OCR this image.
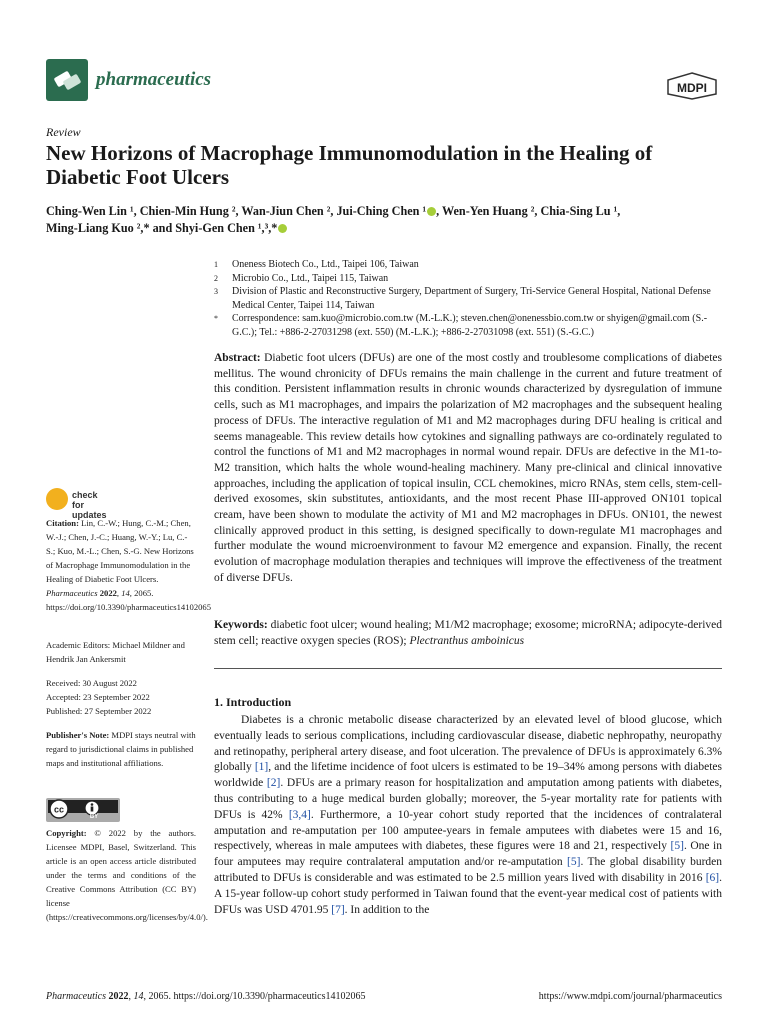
pharmaceutics	MDPI
Review
New Horizons of Macrophage Immunomodulation in the Healing of Diabetic Foot Ulcers
Ching-Wen Lin ¹, Chien-Min Hung ², Wan-Jiun Chen ², Jui-Ching Chen ¹ , Wen-Yen Huang ², Chia-Sing Lu ¹,
Ming-Liang Kuo ²,* and Shyi-Gen Chen ¹,³,*
1	Oneness Biotech Co., Ltd., Taipei 106, Taiwan
2	Microbio Co., Ltd., Taipei 115, Taiwan
3	Division of Plastic and Reconstructive Surgery, Department of Surgery, Tri-Service General Hospital, National Defense Medical Center, Taipei 114, Taiwan
*	Correspondence: sam.kuo@microbio.com.tw (M.-L.K.); steven.chen@onenessbio.com.tw or shyigen@gmail.com (S.-G.C.); Tel.: +886-2-27031298 (ext. 550) (M.-L.K.); +886-2-27031098 (ext. 551) (S.-G.C.)
Abstract: Diabetic foot ulcers (DFUs) are one of the most costly and troublesome complications of diabetes mellitus. The wound chronicity of DFUs remains the main challenge in the current and future treatment of this condition. Persistent inflammation results in chronic wounds characterized by dysregulation of immune cells, such as M1 macrophages, and impairs the polarization of M2 macrophages and the subsequent healing process of DFUs. The interactive regulation of M1 and M2 macrophages during DFU healing is critical and seems manageable. This review details how cytokines and signalling pathways are co-ordinately regulated to control the functions of M1 and M2 macrophages in normal wound repair. DFUs are defective in the M1-to-M2 transition, which halts the whole wound-healing machinery. Many pre-clinical and clinical innovative approaches, including the application of topical insulin, CCL chemokines, micro RNAs, stem cells, stem-cell-derived exosomes, skin substitutes, antioxidants, and the most recent Phase III-approved ON101 topical cream, have been shown to modulate the activity of M1 and M2 macrophages in DFUs. ON101, the newest clinically approved product in this setting, is designed specifically to down-regulate M1 macrophages and further modulate the wound microenvironment to favour M2 emergence and expansion. Finally, the recent evolution of macrophage modulation therapies and techniques will improve the effectiveness of the treatment of diverse DFUs.
Keywords: diabetic foot ulcer; wound healing; M1/M2 macrophage; exosome; microRNA; adipocyte-derived stem cell; reactive oxygen species (ROS); Plectranthus amboinicus
1. Introduction
Diabetes is a chronic metabolic disease characterized by an elevated level of blood glucose, which eventually leads to serious complications, including cardiovascular disease, diabetic nephropathy, neuropathy and retinopathy, peripheral artery disease, and foot ulceration. The prevalence of DFUs is approximately 6.3% globally [1], and the lifetime incidence of foot ulcers is estimated to be 19–34% among persons with diabetes worldwide [2]. DFUs are a primary reason for hospitalization and amputation among patients with diabetes, thus contributing to a huge medical burden globally; moreover, the 5-year mortality rate for patients with DFUs is 42% [3,4]. Furthermore, a 10-year cohort study reported that the incidences of contralateral amputation and re-amputation per 100 amputee-years in female amputees with diabetes were 15 and 16, respectively, whereas in male amputees with diabetes, these figures were 18 and 21, respectively [5]. One in four amputees may require contralateral amputation and/or re-amputation [5]. The global disability burden attributed to DFUs is considerable and was estimated to be 2.5 million years lived with disability in 2016 [6]. A 15-year follow-up cohort study performed in Taiwan found that the event-year medical cost of patients with DFUs was USD 4701.95 [7]. In addition to the
check for
updates
Citation: Lin, C.-W.; Hung, C.-M.; Chen, W.-J.; Chen, J.-C.; Huang, W.-Y.; Lu, C.-S.; Kuo, M.-L.; Chen, S.-G. New Horizons of Macrophage Immunomodulation in the Healing of Diabetic Foot Ulcers. Pharmaceutics 2022, 14, 2065. https://doi.org/10.3390/pharmaceutics14102065
Academic Editors: Michael Mildner and Hendrik Jan Ankersmit
Received: 30 August 2022
Accepted: 23 September 2022
Published: 27 September 2022
Publisher's Note: MDPI stays neutral with regard to jurisdictional claims in published maps and institutional affiliations.
cc
BY
Copyright: © 2022 by the authors. Licensee MDPI, Basel, Switzerland. This article is an open access article distributed under the terms and conditions of the Creative Commons Attribution (CC BY) license (https://creativecommons.org/licenses/by/4.0/).
Pharmaceutics 2022, 14, 2065. https://doi.org/10.3390/pharmaceutics14102065	https://www.mdpi.com/journal/pharmaceutics
